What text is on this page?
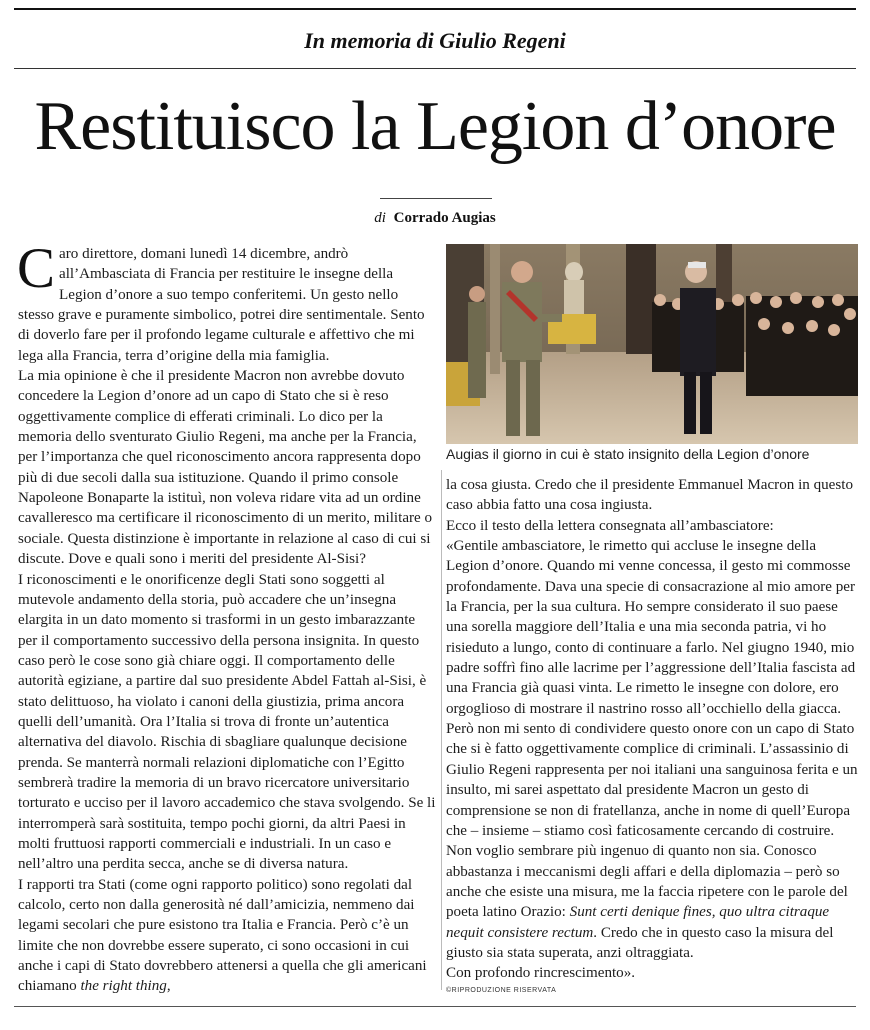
In memoria di Giulio Regeni
Restituisco la Legion d’onore
di Corrado Augias

Caro direttore, domani lunedì 14 dicembre, andrò all’Ambasciata di Francia per restituire le insegne della Legion d’onore a suo tempo conferitemi. Un gesto nello stesso grave e puramente simbolico, potrei dire sentimentale. Sento di doverlo fare per il profondo legame culturale e affettivo che mi lega alla Francia, terra d’origine della mia famiglia.

La mia opinione è che il presidente Macron non avrebbe dovuto concedere la Legion d’onore ad un capo di Stato che si è reso oggettivamente complice di efferati criminali. Lo dico per la memoria dello sventurato Giulio Regeni, ma anche per la Francia, per l’importanza che quel riconoscimento ancora rappresenta dopo più di due secoli dalla sua istituzione. Quando il primo console Napoleone Bonaparte la istituì, non voleva ridare vita ad un ordine cavalleresco ma certificare il riconoscimento di un merito, militare o sociale. Questa distinzione è importante in relazione al caso di cui si discute. Dove e quali sono i meriti del presidente Al-Sisi?

I riconoscimenti e le onorificenze degli Stati sono soggetti al mutevole andamento della storia, può accadere che un’insegna elargita in un dato momento si trasformi in un gesto imbarazzante per il comportamento successivo della persona insignita. In questo caso però le cose sono già chiare oggi. Il comportamento delle autorità egiziane, a partire dal suo presidente Abdel Fattah al-Sisi, è stato delittuoso, ha violato i canoni della giustizia, prima ancora quelli dell’umanità. Ora l’Italia si trova di fronte un’autentica alternativa del diavolo. Rischia di sbagliare qualunque decisione prenda. Se manterrà normali relazioni diplomatiche con l’Egitto sembrerà tradire la memoria di un bravo ricercatore universitario torturato e ucciso per il lavoro accademico che stava svolgendo. Se li interromperà sarà sostituita, tempo pochi giorni, da altri Paesi in molti fruttuosi rapporti commerciali e industriali. In un caso e nell’altro una perdita secca, anche se di diversa natura.

I rapporti tra Stati (come ogni rapporto politico) sono regolati dal calcolo, certo non dalla generosità né dall’amicizia, nemmeno dai legami secolari che pure esistono tra Italia e Francia. Però c’è un limite che non dovrebbe essere superato, ci sono occasioni in cui anche i capi di Stato dovrebbero attenersi a quella che gli americani chiamano the right thing,

Augias il giorno in cui è stato insignito della Legion d’onore

la cosa giusta. Credo che il presidente Emmanuel Macron in questo caso abbia fatto una cosa ingiusta.

Ecco il testo della lettera consegnata all’ambasciatore:

«Gentile ambasciatore, le rimetto qui accluse le insegne della Legion d’onore. Quando mi venne concessa, il gesto mi commosse profondamente. Dava una specie di consacrazione al mio amore per la Francia, per la sua cultura. Ho sempre considerato il suo paese una sorella maggiore dell’Italia e una mia seconda patria, vi ho risieduto a lungo, conto di continuare a farlo. Nel giugno 1940, mio padre soffrì fino alle lacrime per l’aggressione dell’Italia fascista ad una Francia già quasi vinta. Le rimetto le insegne con dolore, ero orgoglioso di mostrare il nastrino rosso all’occhiello della giacca. Però non mi sento di condividere questo onore con un capo di Stato che si è fatto oggettivamente complice di criminali. L’assassinio di Giulio Regeni rappresenta per noi italiani una sanguinosa ferita e un insulto, mi sarei aspettato dal presidente Macron un gesto di comprensione se non di fratellanza, anche in nome di quell’Europa che – insieme – stiamo così faticosamente cercando di costruire.

Non voglio sembrare più ingenuo di quanto non sia. Conosco abbastanza i meccanismi degli affari e della diplomazia – però so anche che esiste una misura, me la faccia ripetere con le parole del poeta latino Orazio: Sunt certi denique fines, quo ultra citraque nequit consistere rectum. Credo che in questo caso la misura del giusto sia stata superata, anzi oltraggiata.

Con profondo rincrescimento».

©RIPRODUZIONE RISERVATA
